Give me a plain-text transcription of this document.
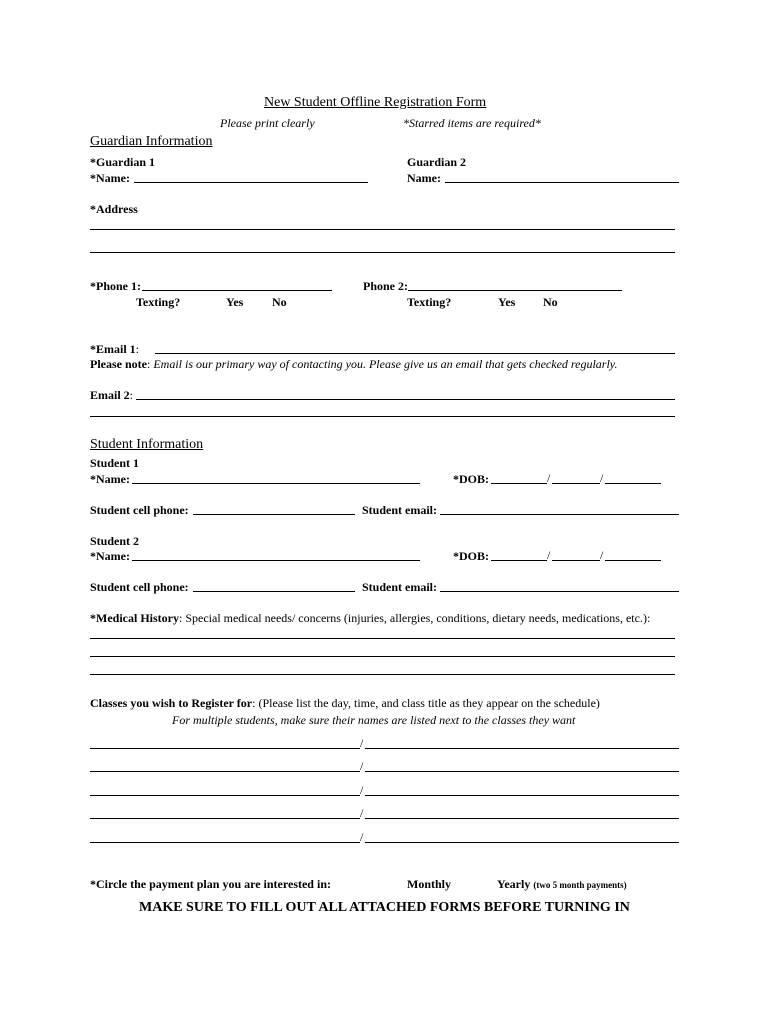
New Student Offline Registration Form
Please print clearly	*Starred items are required*
Guardian Information
*Guardian 1	Guardian 2
*Name:	Name:
*Address
*Phone 1:	Phone 2:
Texting?	Yes No	Texting?	Yes No
*Email 1:
Please note: Email is our primary way of contacting you. Please give us an email that gets checked regularly.
Email 2:
Student Information
Student 1
*Name:	*DOB:	/	/
Student cell phone:	Student email:
Student 2
*Name:	*DOB:	/	/
Student cell phone:	Student email:
*Medical History: Special medical needs/ concerns (injuries, allergies, conditions, dietary needs, medications, etc.):
Classes you wish to Register for: (Please list the day, time, and class title as they appear on the schedule)
For multiple students, make sure their names are listed next to the classes they want
/
/
/
/
/
*Circle the payment plan you are interested in:	Monthly	Yearly (two 5 month payments)
MAKE SURE TO FILL OUT ALL ATTACHED FORMS BEFORE TURNING IN
